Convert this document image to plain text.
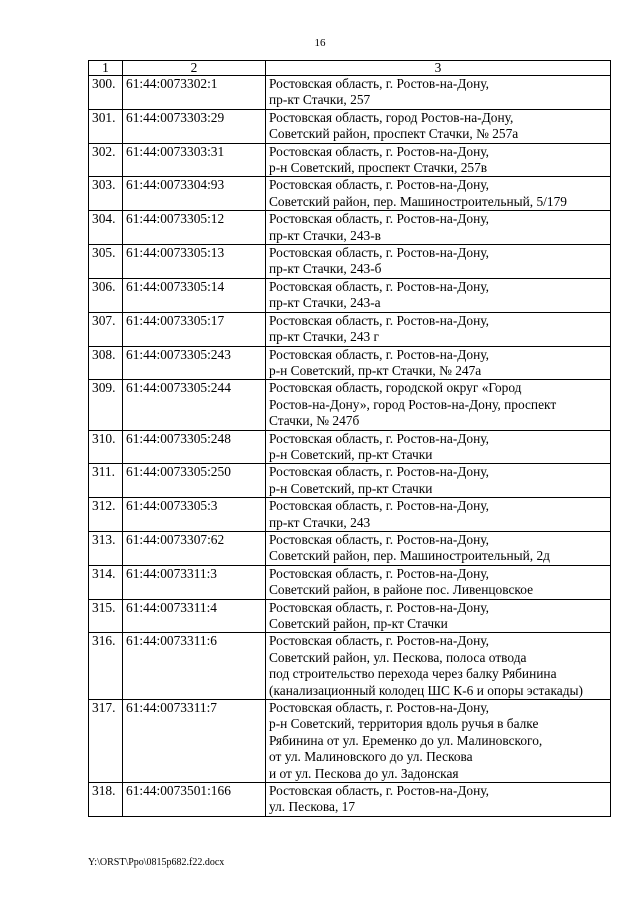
16
1	2	3
300.	61:44:0073302:1	Ростовская область, г. Ростов-на-Дону,
пр-кт Стачки, 257

301.	61:44:0073303:29	Ростовская область, город Ростов-на-Дону,
Советский район, проспект Стачки, № 257а

302.	61:44:0073303:31	Ростовская область, г. Ростов-на-Дону,
р-н Советский, проспект Стачки, 257в

303.	61:44:0073304:93	Ростовская область, г. Ростов-на-Дону,
Советский район, пер. Машиностроительный, 5/179

304.	61:44:0073305:12	Ростовская область, г. Ростов-на-Дону,
пр-кт Стачки, 243-в

305.	61:44:0073305:13	Ростовская область, г. Ростов-на-Дону,
пр-кт Стачки, 243-б

306.	61:44:0073305:14	Ростовская область, г. Ростов-на-Дону,
пр-кт Стачки, 243-а

307.	61:44:0073305:17	Ростовская область, г. Ростов-на-Дону,
пр-кт Стачки, 243 г

308.	61:44:0073305:243	Ростовская область, г. Ростов-на-Дону,
р-н Советский, пр-кт Стачки, № 247а

309.	61:44:0073305:244	Ростовская область, городской округ «Город
Ростов-на-Дону», город Ростов-на-Дону, проспект
Стачки, № 247б

310.	61:44:0073305:248	Ростовская область, г. Ростов-на-Дону,
р-н Советский, пр-кт Стачки

311.	61:44:0073305:250	Ростовская область, г. Ростов-на-Дону,
р-н Советский, пр-кт Стачки

312.	61:44:0073305:3	Ростовская область, г. Ростов-на-Дону,
пр-кт Стачки, 243

313.	61:44:0073307:62	Ростовская область, г. Ростов-на-Дону,
Советский район, пер. Машиностроительный, 2д

314.	61:44:0073311:3	Ростовская область, г. Ростов-на-Дону,
Советский район, в районе пос. Ливенцовское

315.	61:44:0073311:4	Ростовская область, г. Ростов-на-Дону,
Советский район, пр-кт Стачки

316.	61:44:0073311:6	Ростовская область, г. Ростов-на-Дону,
Советский район, ул. Пескова, полоса отвода
под строительство перехода через балку Рябинина
(канализационный колодец ШС К-6 и опоры эстакады)

317.	61:44:0073311:7	Ростовская область, г. Ростов-на-Дону,
р-н Советский, территория вдоль ручья в балке
Рябинина от ул. Еременко до ул. Малиновского,
от ул. Малиновского до ул. Пескова
и от ул. Пескова до ул. Задонская

318.	61:44:0073501:166	Ростовская область, г. Ростов-на-Дону,
ул. Пескова, 17
Y:\ORST\Ppo\0815p682.f22.docx
